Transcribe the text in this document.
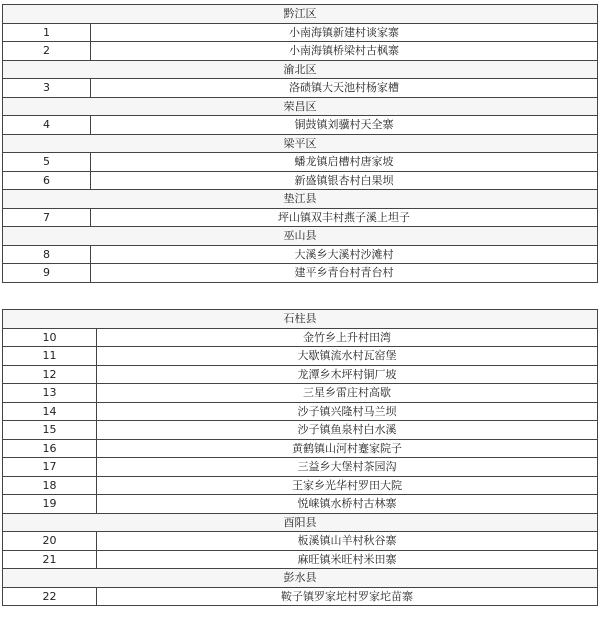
黔江区	
1	小南海镇新建村谈家寨
2	小南海镇桥梁村古枫寨
渝北区	
3	洛碛镇大天池村杨家槽
荣昌区	
4	铜鼓镇刘骥村天全寨
梁平区	
5	蟠龙镇启槽村唐家坡
6	新盛镇银杏村白果坝
垫江县	
7	坪山镇双丰村燕子溪上坦子
巫山县	
8	大溪乡大溪村沙滩村
9	建平乡青台村青台村
石柱县	
10	金竹乡上升村田湾
11	大歇镇流水村瓦窑堡
12	龙潭乡木坪村铜厂坡
13	三星乡雷庄村高歇
14	沙子镇兴隆村马兰坝
15	沙子镇鱼泉村白水溪
16	黄鹤镇山河村蹇家院子
17	三益乡大堡村茶园沟
18	王家乡光华村罗田大院
19	悦崃镇水桥村古林寨
酉阳县	
20	板溪镇山羊村秋谷寨
21	麻旺镇米旺村米田寨
彭水县	
22	鞍子镇罗家坨村罗家坨苗寨
